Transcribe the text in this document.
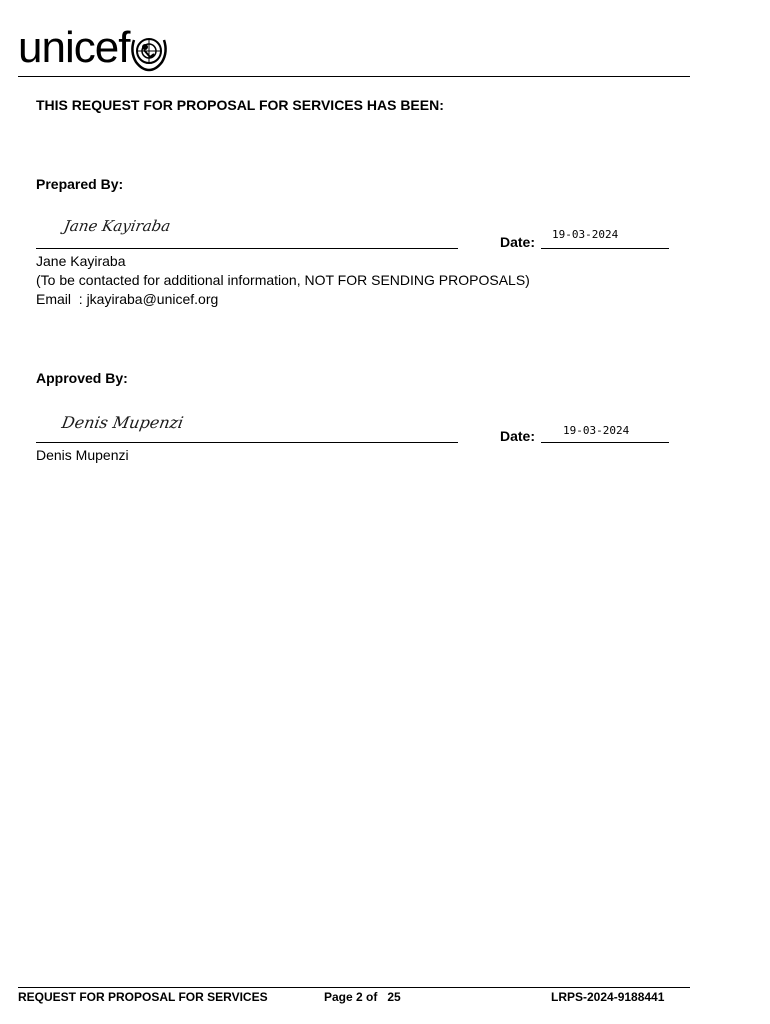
unicef
THIS REQUEST FOR PROPOSAL FOR SERVICES HAS BEEN:
Prepared By:
Jane Kayiraba
Date: 19-03-2024
Jane Kayiraba
(To be contacted for additional information, NOT FOR SENDING PROPOSALS)
Email  : jkayiraba@unicef.org
Approved By:
Denis Mupenzi
Date:	19-03-2024
Denis Mupenzi
REQUEST FOR PROPOSAL FOR SERVICES	Page 2 of   25	LRPS-2024-9188441
